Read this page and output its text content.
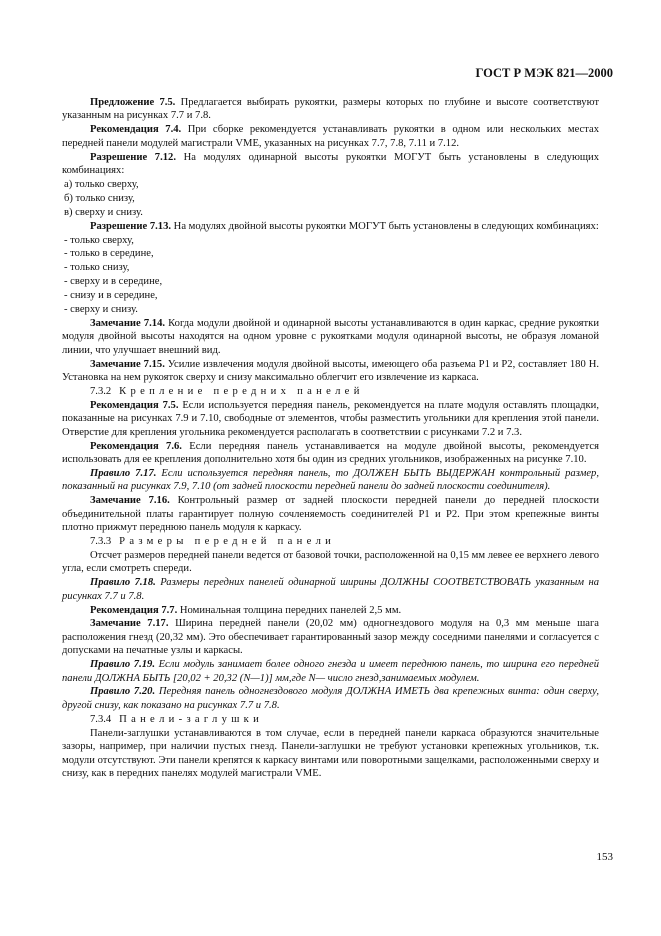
ГОСТ Р МЭК 821—2000

Предложение 7.5. Предлагается выбирать рукоятки, размеры которых по глубине и высоте соответствуют указанным на рисунках 7.7 и 7.8.

Рекомендация 7.4. При сборке рекомендуется устанавливать рукоятки в одном или нескольких местах передней панели модулей магистрали VME, указанных на рисунках 7.7, 7.8, 7.11 и 7.12.

Разрешение 7.12. На модулях одинарной высоты рукоятки МОГУТ быть установлены в следующих комбинациях:

а) только сверху,

б) только снизу,

в) сверху и снизу.

Разрешение 7.13. На модулях двойной высоты рукоятки МОГУТ быть установлены в следующих комбинациях:

- только сверху,

- только в середине,

- только снизу,

- сверху и в середине,

- снизу и в середине,

- сверху и снизу.

Замечание 7.14. Когда модули двойной и одинарной высоты устанавливаются в один каркас, средние рукоятки модуля двойной высоты находятся на одном уровне с рукоятками модуля одинарной высоты, не образуя ломаной линии, что улучшает внешний вид.

Замечание 7.15. Усилие извлечения модуля двойной высоты, имеющего оба разъема P1 и P2, составляет 180 Н. Установка на нем рукояток сверху и снизу максимально облегчит его извлечение из каркаса.

7.3.2 Крепление передних панелей

Рекомендация 7.5. Если используется передняя панель, рекомендуется на плате модуля оставлять площадки, показанные на рисунках 7.9 и 7.10, свободные от элементов, чтобы разместить угольники для крепления этой панели. Отверстие для крепления угольника рекомендуется располагать в соответствии с рисунками 7.2 и 7.3.

Рекомендация 7.6. Если передняя панель устанавливается на модуле двойной высоты, рекомендуется использовать для ее крепления дополнительно хотя бы один из средних угольников, изображенных на рисунке 7.10.

Правило 7.17. Если используется передняя панель, то ДОЛЖЕН БЫТЬ ВЫДЕРЖАН контрольный размер, показанный на рисунках 7.9, 7.10 (от задней плоскости передней панели до задней плоскости соединителя).

Замечание 7.16. Контрольный размер от задней плоскости передней панели до передней плоскости объединительной платы гарантирует полную сочленяемость соединителей P1 и P2. При этом крепежные винты плотно прижмут переднюю панель модуля к каркасу.

7.3.3 Размеры передней панели

Отсчет размеров передней панели ведется от базовой точки, расположенной на 0,15 мм левее ее верхнего левого угла, если смотреть спереди.

Правило 7.18. Размеры передних панелей одинарной ширины ДОЛЖНЫ СООТВЕТСТВОВАТЬ указанным на рисунках 7.7 и 7.8.

Рекомендация 7.7. Номинальная толщина передних панелей 2,5 мм.

Замечание 7.17. Ширина передней панели (20,02 мм) одногнездового модуля на 0,3 мм меньше шага расположения гнезд (20,32 мм). Это обеспечивает гарантированный зазор между соседними панелями и согласуется с допусками на печатные узлы и каркасы.

Правило 7.19. Если модуль занимает более одного гнезда и имеет переднюю панель, то ширина его передней панели ДОЛЖНА БЫТЬ [20,02 + 20,32 (N—1)] мм,где N— число гнезд,занимаемых модулем.

Правило 7.20. Передняя панель одногнездового модуля ДОЛЖНА ИМЕТЬ два крепежных винта: один сверху, другой снизу, как показано на рисунках 7.7 и 7.8.

7.3.4 Панели-заглушки

Панели-заглушки устанавливаются в том случае, если в передней панели каркаса образуются значительные зазоры, например, при наличии пустых гнезд. Панели-заглушки не требуют установки крепежных угольников, т.к. модули отсутствуют. Эти панели крепятся к каркасу винтами или поворотными защелками, расположенными сверху и снизу, как в передних панелях модулей магистрали VME.

153
